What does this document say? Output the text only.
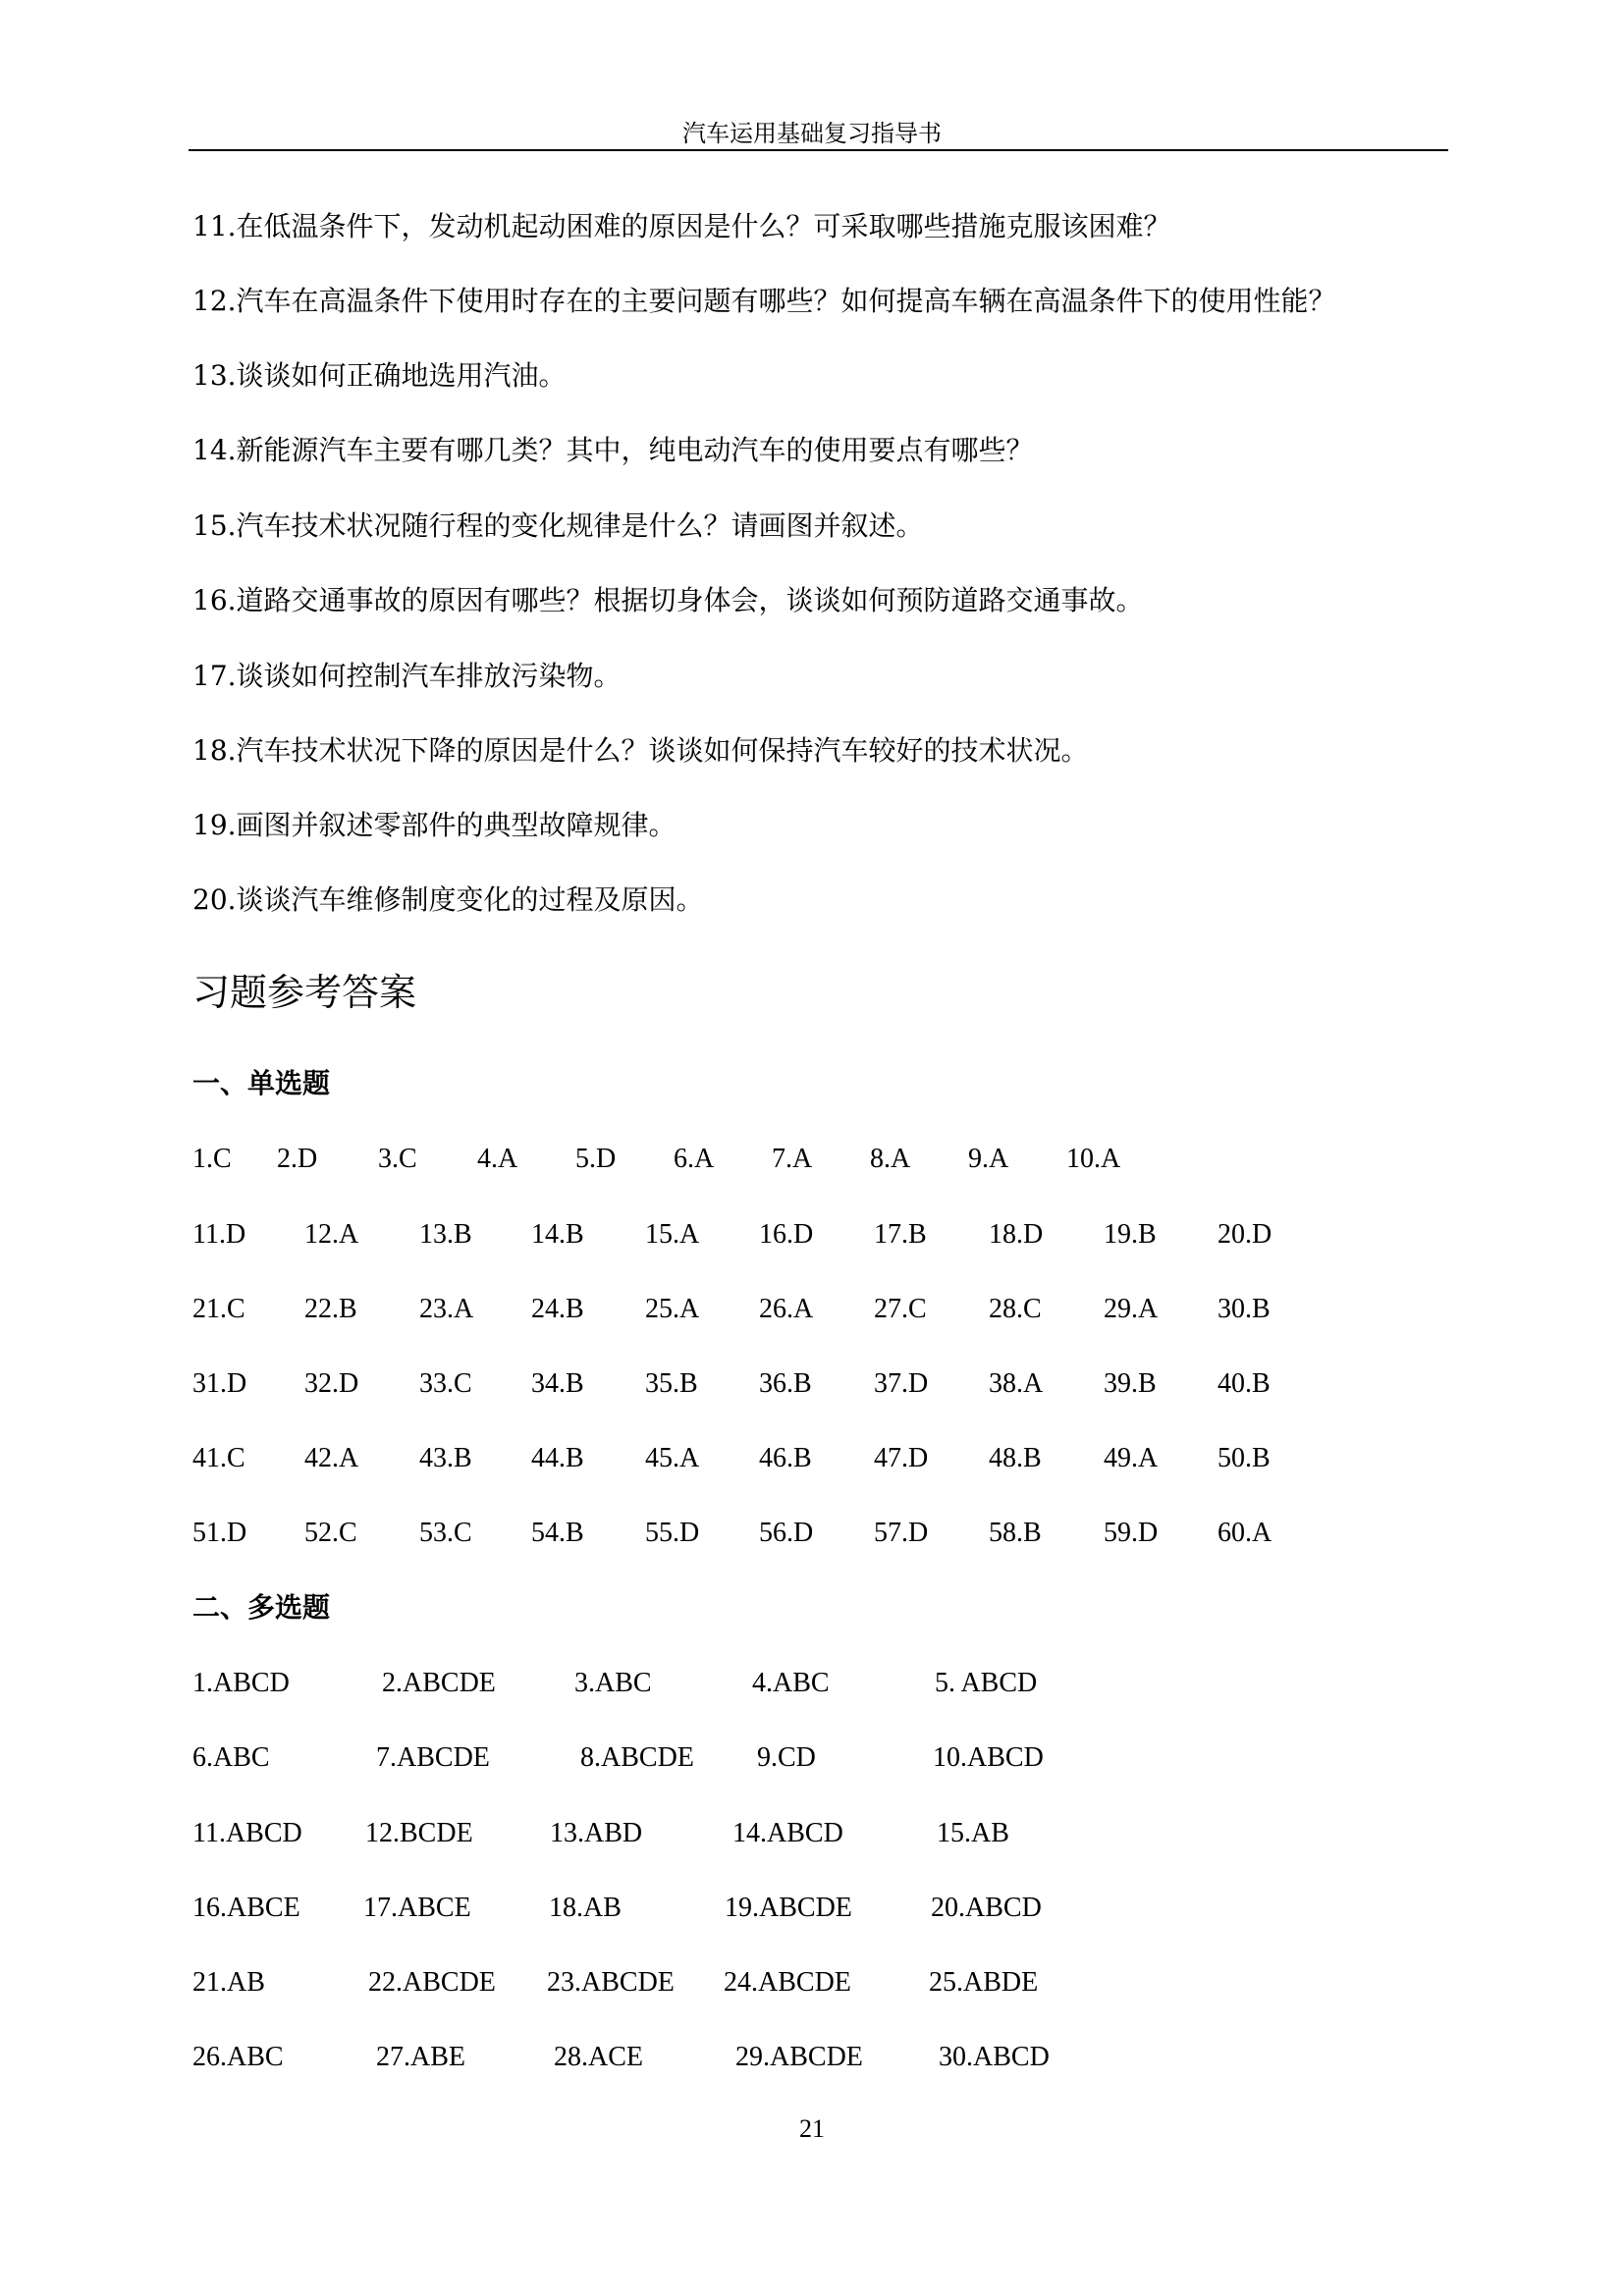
汽车运用基础复习指导书
11.在低温条件下，发动机起动困难的原因是什么？可采取哪些措施克服该困难？
12.汽车在高温条件下使用时存在的主要问题有哪些？如何提高车辆在高温条件下的使用性能？
13.谈谈如何正确地选用汽油。
14.新能源汽车主要有哪几类？其中，纯电动汽车的使用要点有哪些？
15.汽车技术状况随行程的变化规律是什么？请画图并叙述。
16.道路交通事故的原因有哪些？根据切身体会，谈谈如何预防道路交通事故。
17.谈谈如何控制汽车排放污染物。
18.汽车技术状况下降的原因是什么？谈谈如何保持汽车较好的技术状况。
19.画图并叙述零部件的典型故障规律。
20.谈谈汽车维修制度变化的过程及原因。
习题参考答案
一、单选题
1.C 2.D 3.C 4.A 5.D 6.A 7.A 8.A 9.A 10.A
11.D 12.A 13.B 14.B 15.A 16.D 17.B 18.D 19.B 20.D
21.C 22.B 23.A 24.B 25.A 26.A 27.C 28.C 29.A 30.B
31.D 32.D 33.C 34.B 35.B 36.B 37.D 38.A 39.B 40.B
41.C 42.A 43.B 44.B 45.A 46.B 47.D 48.B 49.A 50.B
51.D 52.C 53.C 54.B 55.D 56.D 57.D 58.B 59.D 60.A
二、多选题
1.ABCD	2.ABCDE	3.ABC	4.ABC	5. ABCD
6.ABC	7.ABCDE	8.ABCDE 9.CD	10.ABCD
11.ABCD 12.BCDE	13.ABD	14.ABCD	15.AB
16.ABCE 17.ABCE	18.AB	19.ABCDE	20.ABCD
21.AB	22.ABCDE 23.ABCDE 24.ABCDE	25.ABDE
26.ABC	27.ABE	28.ACE	29.ABCDE	30.ABCD
21
